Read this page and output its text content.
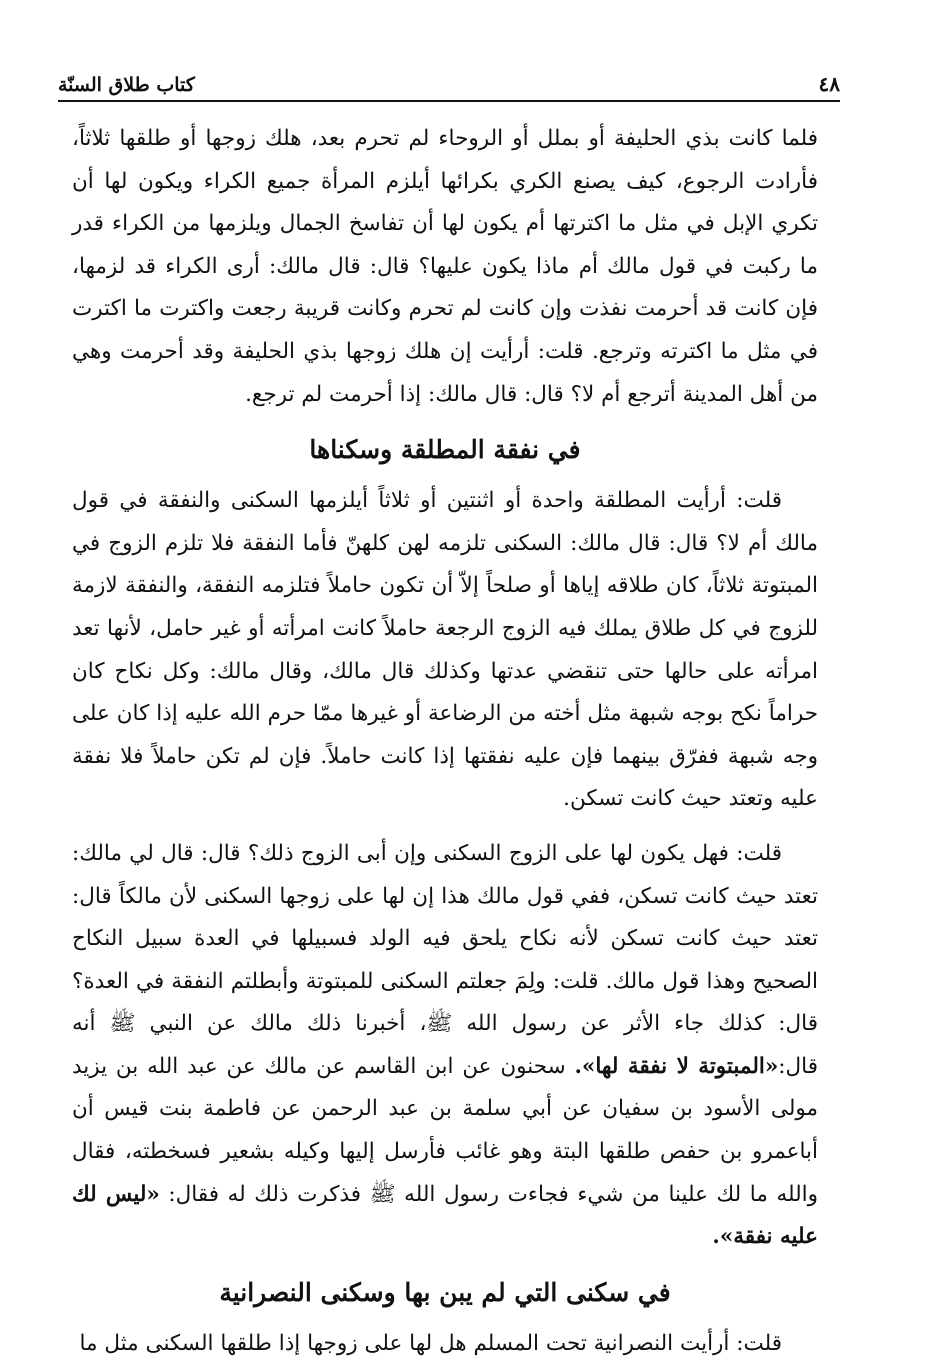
كتاب طلاق السنّة	٤٨

فلما كانت بذي الحليفة أو بملل أو الروحاء لم تحرم بعد، هلك زوجها أو طلقها ثلاثاً، فأرادت الرجوع، كيف يصنع الكري بكرائها أيلزم المرأة جميع الكراء ويكون لها أن تكري الإبل في مثل ما اكترتها أم يكون لها أن تفاسخ الجمال ويلزمها من الكراء قدر ما ركبت في قول مالك أم ماذا يكون عليها؟ قال: قال مالك: أرى الكراء قد لزمها، فإن كانت قد أحرمت نفذت وإن كانت لم تحرم وكانت قريبة رجعت واكترت ما اكترت في مثل ما اكترته وترجع. قلت: أرأيت إن هلك زوجها بذي الحليفة وقد أحرمت وهي من أهل المدينة أترجع أم لا؟ قال: قال مالك: إذا أحرمت لم ترجع.

في نفقة المطلقة وسكناها

قلت: أرأيت المطلقة واحدة أو اثنتين أو ثلاثاً أيلزمها السكنى والنفقة في قول مالك أم لا؟ قال: قال مالك: السكنى تلزمه لهن كلهنّ فأما النفقة فلا تلزم الزوج في المبتوتة ثلاثاً، كان طلاقه إياها أو صلحاً إلاّ أن تكون حاملاً فتلزمه النفقة، والنفقة لازمة للزوج في كل طلاق يملك فيه الزوج الرجعة حاملاً كانت امرأته أو غير حامل، لأنها تعد امرأته على حالها حتى تنقضي عدتها وكذلك قال مالك، وقال مالك: وكل نكاح كان حراماً نكح بوجه شبهة مثل أخته من الرضاعة أو غيرها ممّا حرم الله عليه إذا كان على وجه شبهة ففرّق بينهما فإن عليه نفقتها إذا كانت حاملاً. فإن لم تكن حاملاً فلا نفقة عليه وتعتد حيث كانت تسكن.

قلت: فهل يكون لها على الزوج السكنى وإن أبى الزوج ذلك؟ قال: قال لي مالك: تعتد حيث كانت تسكن، ففي قول مالك هذا إن لها على زوجها السكنى لأن مالكاً قال: تعتد حيث كانت تسكن لأنه نكاح يلحق فيه الولد فسبيلها في العدة سبيل النكاح الصحيح وهذا قول مالك. قلت: ولِمَ جعلتم السكنى للمبتوتة وأبطلتم النفقة في العدة؟ قال: كذلك جاء الأثر عن رسول الله ﷺ، أخبرنا ذلك مالك عن النبي ﷺ أنه قال:«المبتوتة لا نفقة لها». سحنون عن ابن القاسم عن مالك عن عبد الله بن يزيد مولى الأسود بن سفيان عن أبي سلمة بن عبد الرحمن عن فاطمة بنت قيس أن أباعمرو بن حفص طلقها البتة وهو غائب فأرسل إليها وكيله بشعير فسخطته، فقال والله ما لك علينا من شيء فجاءت رسول الله ﷺ فذكرت ذلك له فقال: «ليس لك عليه نفقة».

في سكنى التي لم يبن بها وسكنى النصرانية

قلت: أرأيت النصرانية تحت المسلم هل لها على زوجها إذا طلقها السكنى مثل ما
